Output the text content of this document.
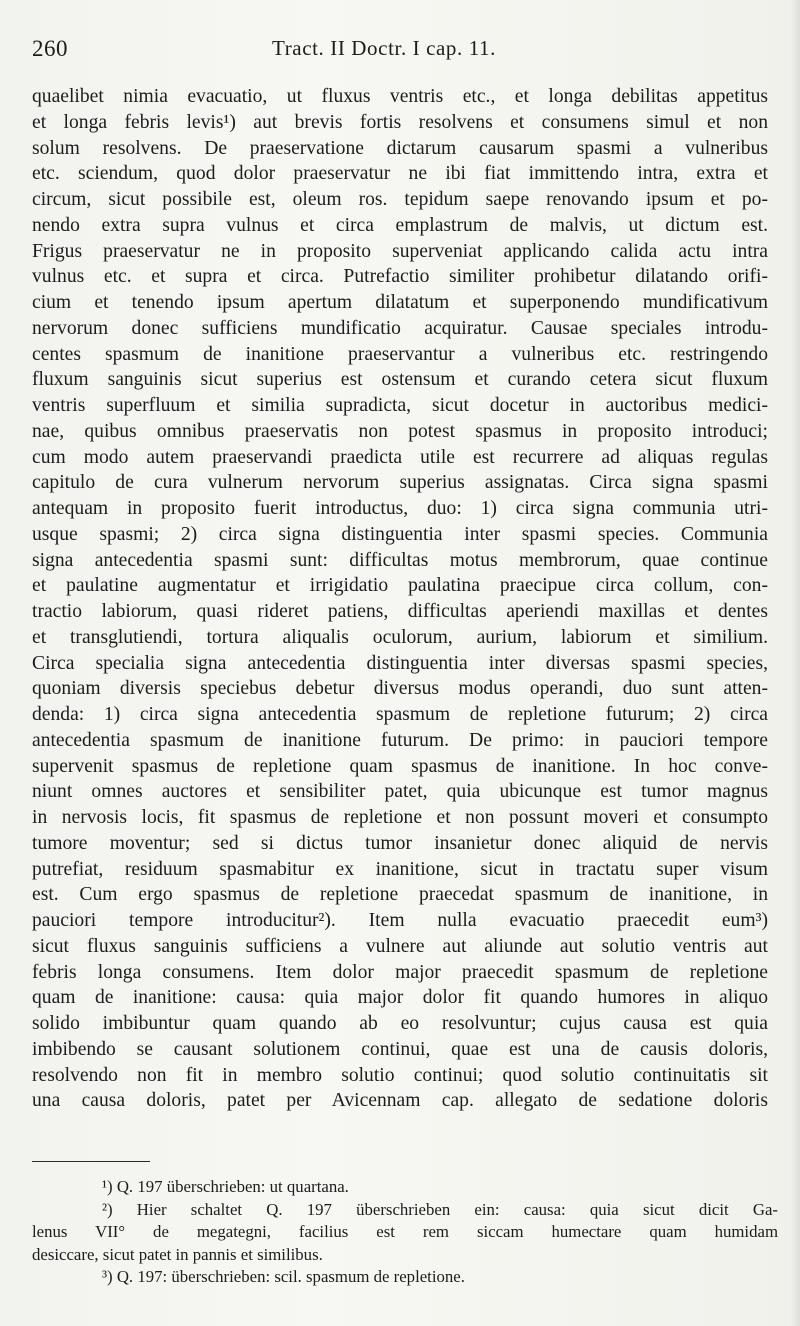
260	Tract. II Doctr. I cap. 11.
quaelibet nimia evacuatio, ut fluxus ventris etc., et longa debilitas appetitus
et longa febris levis¹) aut brevis fortis resolvens et consumens simul et non
solum resolvens. De praeservatione dictarum causarum spasmi a vulneribus
etc. sciendum, quod dolor praeservatur ne ibi fiat immittendo intra, extra et
circum, sicut possibile est, oleum ros. tepidum saepe renovando ipsum et po-
nendo extra supra vulnus et circa emplastrum de malvis, ut dictum est.
Frigus praeservatur ne in proposito superveniat applicando calida actu intra
vulnus etc. et supra et circa. Putrefactio similiter prohibetur dilatando orifi-
cium et tenendo ipsum apertum dilatatum et superponendo mundificativum
nervorum donec sufficiens mundificatio acquiratur. Causae speciales introdu-
centes spasmum de inanitione praeservantur a vulneribus etc. restringendo
fluxum sanguinis sicut superius est ostensum et curando cetera sicut fluxum
ventris superfluum et similia supradicta, sicut docetur in auctoribus medici-
nae, quibus omnibus praeservatis non potest spasmus in proposito introduci;
cum modo autem praeservandi praedicta utile est recurrere ad aliquas regulas
capitulo de cura vulnerum nervorum superius assignatas. Circa signa spasmi
antequam in proposito fuerit introductus, duo: 1) circa signa communia utri-
usque spasmi; 2) circa signa distinguentia inter spasmi species. Communia
signa antecedentia spasmi sunt: difficultas motus membrorum, quae continue
et paulatine augmentatur et irrigidatio paulatina praecipue circa collum, con-
tractio labiorum, quasi rideret patiens, difficultas aperiendi maxillas et dentes
et transglutiendi, tortura aliqualis oculorum, aurium, labiorum et similium.
Circa specialia signa antecedentia distinguentia inter diversas spasmi species,
quoniam diversis speciebus debetur diversus modus operandi, duo sunt atten-
denda: 1) circa signa antecedentia spasmum de repletione futurum; 2) circa
antecedentia spasmum de inanitione futurum. De primo: in pauciori tempore
supervenit spasmus de repletione quam spasmus de inanitione. In hoc conve-
niunt omnes auctores et sensibiliter patet, quia ubicunque est tumor magnus
in nervosis locis, fit spasmus de repletione et non possunt moveri et consumpto
tumore moventur; sed si dictus tumor insanietur donec aliquid de nervis
putrefiat, residuum spasmabitur ex inanitione, sicut in tractatu super visum
est. Cum ergo spasmus de repletione praecedat spasmum de inanitione, in
pauciori tempore introducitur²). Item nulla evacuatio praecedit eum³)
sicut fluxus sanguinis sufficiens a vulnere aut aliunde aut solutio ventris aut
febris longa consumens. Item dolor major praecedit spasmum de repletione
quam de inanitione: causa: quia major dolor fit quando humores in aliquo
solido imbibuntur quam quando ab eo resolvuntur; cujus causa est quia
imbibendo se causant solutionem continui, quae est una de causis doloris,
resolvendo non fit in membro solutio continui; quod solutio continuitatis sit
una causa doloris, patet per Avicennam cap. allegato de sedatione doloris
¹) Q. 197 überschrieben: ut quartana.
²) Hier schaltet Q. 197 überschrieben ein: causa: quia sicut dicit Ga-
lenus VII° de megategni, facilius est rem siccam humectare quam humidam
desiccare, sicut patet in pannis et similibus.
³) Q. 197: überschrieben: scil. spasmum de repletione.
